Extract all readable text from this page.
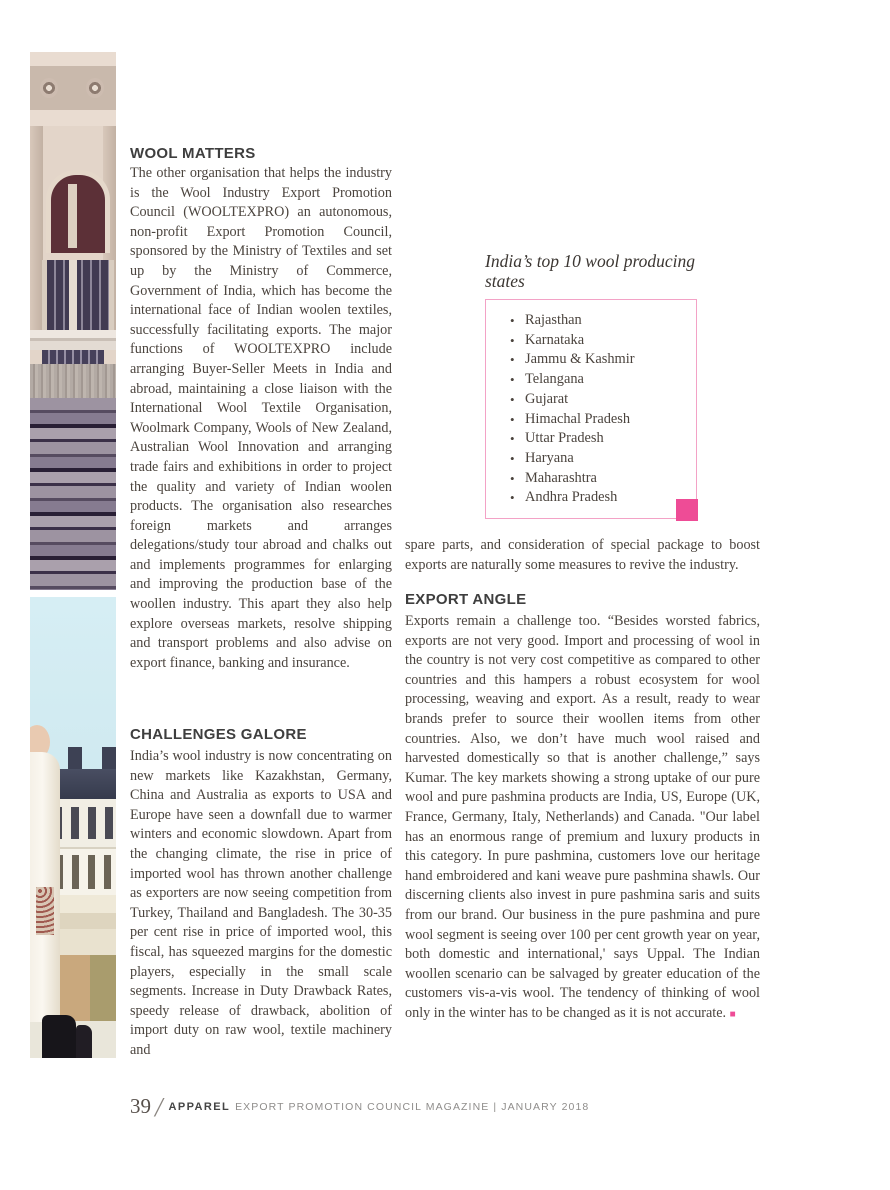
WOOL MATTERS

The other organisation that helps the industry is the Wool Industry Export Promotion Council (WOOLTEXPRO) an autonomous, non-profit Export Promotion Council, sponsored by the Ministry of Textiles and set up by the Ministry of Commerce, Government of India, which has become the international face of Indian woolen textiles, successfully facilitating exports. The major functions of WOOLTEXPRO include arranging Buyer-Seller Meets in India and abroad, maintaining a close liaison with the International Wool Textile Organisation, Woolmark Company, Wools of New Zealand, Australian Wool Innovation and arranging trade fairs and exhibitions in order to project the quality and variety of Indian woolen products. The organisation also researches foreign markets and arranges delegations/study tour abroad and chalks out and implements programmes for enlarging and improving the production base of the woollen industry. This apart they also help explore overseas markets, resolve shipping and transport problems and also advise on export finance, banking and insurance.

CHALLENGES GALORE

India’s wool industry is now concentrating on new markets like Kazakhstan, Germany, China and Australia as exports to USA and Europe have seen a downfall due to warmer winters and economic slowdown. Apart from the changing climate, the rise in price of imported wool has thrown another challenge as exporters are now seeing competition from Turkey, Thailand and Bangladesh. The 30-35 per cent rise in price of imported wool, this fiscal, has squeezed margins for the domestic players, especially in the small scale segments. Increase in Duty Drawback Rates, speedy release of drawback, abolition of import duty on raw wool, textile machinery and

India’s top 10 wool producing states
• Rajasthan
• Karnataka
• Jammu & Kashmir
• Telangana
• Gujarat
• Himachal Pradesh
• Uttar Pradesh
• Haryana
• Maharashtra
• Andhra Pradesh

spare parts, and consideration of special package to boost exports are naturally some measures to revive the industry.

EXPORT ANGLE

Exports remain a challenge too. “Besides worsted fabrics, exports are not very good. Import and processing of wool in the country is not very cost competitive as compared to other countries and this hampers a robust ecosystem for wool processing, weaving and export. As a result, ready to wear brands prefer to source their woollen items from other countries. Also, we don’t have much wool raised and harvested domestically so that is another challenge,” says Kumar. The key markets showing a strong uptake of our pure wool and pure pashmina products are India, US, Europe (UK, France, Germany, Italy, Netherlands) and Canada. "Our label has an enormous range of premium and luxury products in this category. In pure pashmina, customers love our heritage hand embroidered and kani weave pure pashmina shawls. Our discerning clients also invest in pure pashmina saris and suits from our brand. Our business in the pure pashmina and pure wool segment is seeing over 100 per cent growth year on year, both domestic and international,' says Uppal. The Indian woollen scenario can be salvaged by greater education of the customers vis-a-vis wool. The tendency of thinking of wool only in the winter has to be changed as it is not accurate. ■

39 / APPAREL EXPORT PROMOTION COUNCIL MAGAZINE | JANUARY 2018
